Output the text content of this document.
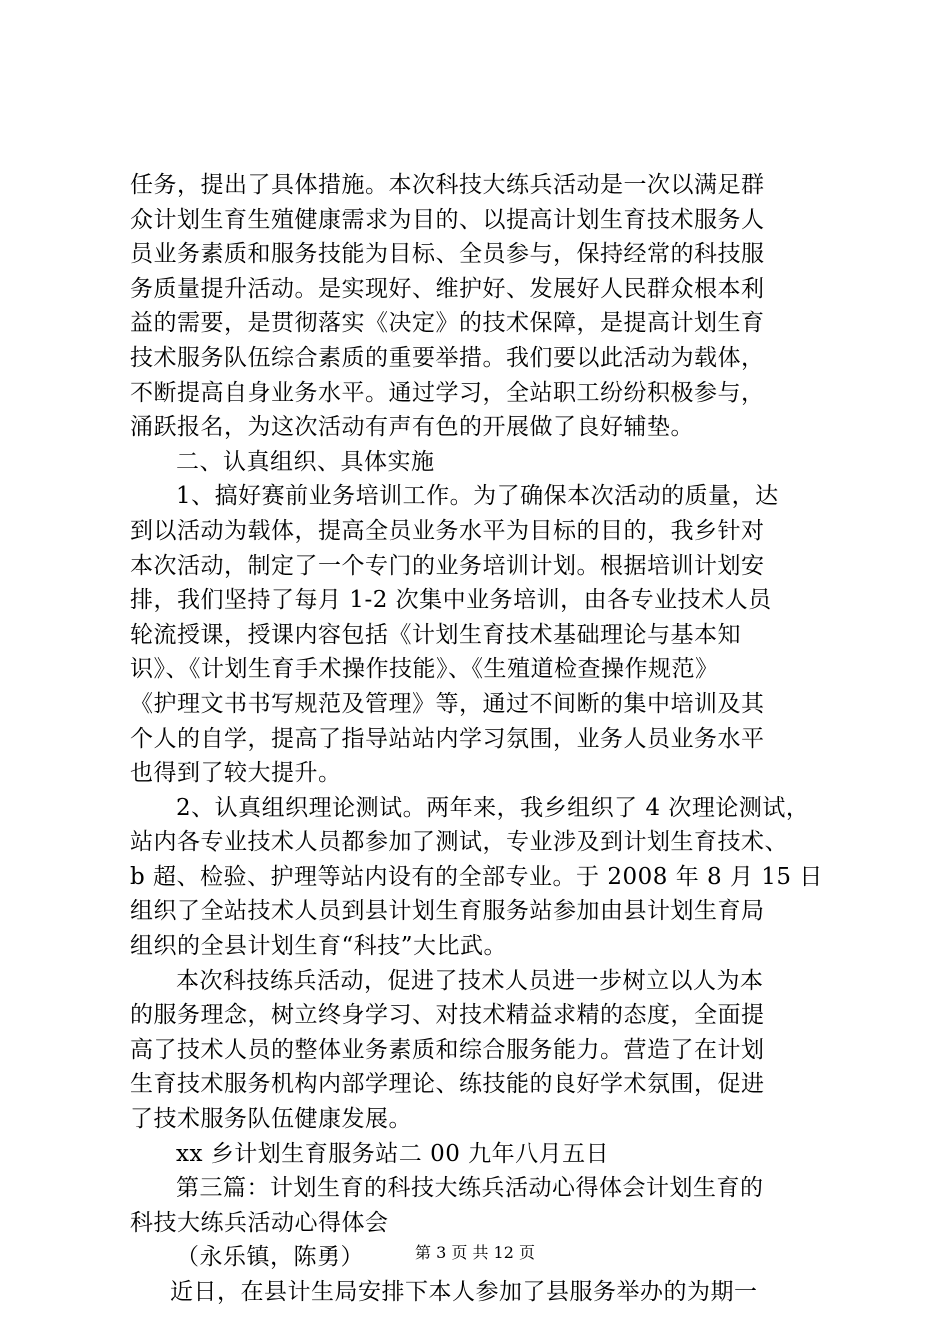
任务，提出了具体措施。本次科技大练兵活动是一次以满足群
众计划生育生殖健康需求为目的、以提高计划生育技术服务人
员业务素质和服务技能为目标、全员参与，保持经常的科技服
务质量提升活动。是实现好、维护好、发展好人民群众根本利
益的需要，是贯彻落实《决定》的技术保障，是提高计划生育
技术服务队伍综合素质的重要举措。我们要以此活动为载体，
不断提高自身业务水平。通过学习，全站职工纷纷积极参与，
涌跃报名，为这次活动有声有色的开展做了良好辅垫。

二、认真组织、具体实施

1、搞好赛前业务培训工作。为了确保本次活动的质量，达
到以活动为载体，提高全员业务水平为目标的目的，我乡针对
本次活动，制定了一个专门的业务培训计划。根据培训计划安
排，我们坚持了每月 1-2 次集中业务培训，由各专业技术人员
轮流授课，授课内容包括《计划生育技术基础理论与基本知
识》、《计划生育手术操作技能》、《生殖道检查操作规范》
《护理文书书写规范及管理》等，通过不间断的集中培训及其
个人的自学，提高了指导站站内学习氛围，业务人员业务水平
也得到了较大提升。

2、认真组织理论测试。两年来，我乡组织了 4 次理论测试，
站内各专业技术人员都参加了测试，专业涉及到计划生育技术、
b 超、检验、护理等站内设有的全部专业。于 2008 年 8 月 15 日
组织了全站技术人员到县计划生育服务站参加由县计划生育局
组织的全县计划生育“科技”大比武。

本次科技练兵活动，促进了技术人员进一步树立以人为本
的服务理念，树立终身学习、对技术精益求精的态度，全面提
高了技术人员的整体业务素质和综合服务能力。营造了在计划
生育技术服务机构内部学理论、练技能的良好学术氛围，促进
了技术服务队伍健康发展。

xx 乡计划生育服务站二 00 九年八月五日

第三篇：计划生育的科技大练兵活动心得体会计划生育的
科技大练兵活动心得体会

（永乐镇，陈勇）

近日，在县计生局安排下本人参加了县服务举办的为期一

第 3 页 共 12 页
